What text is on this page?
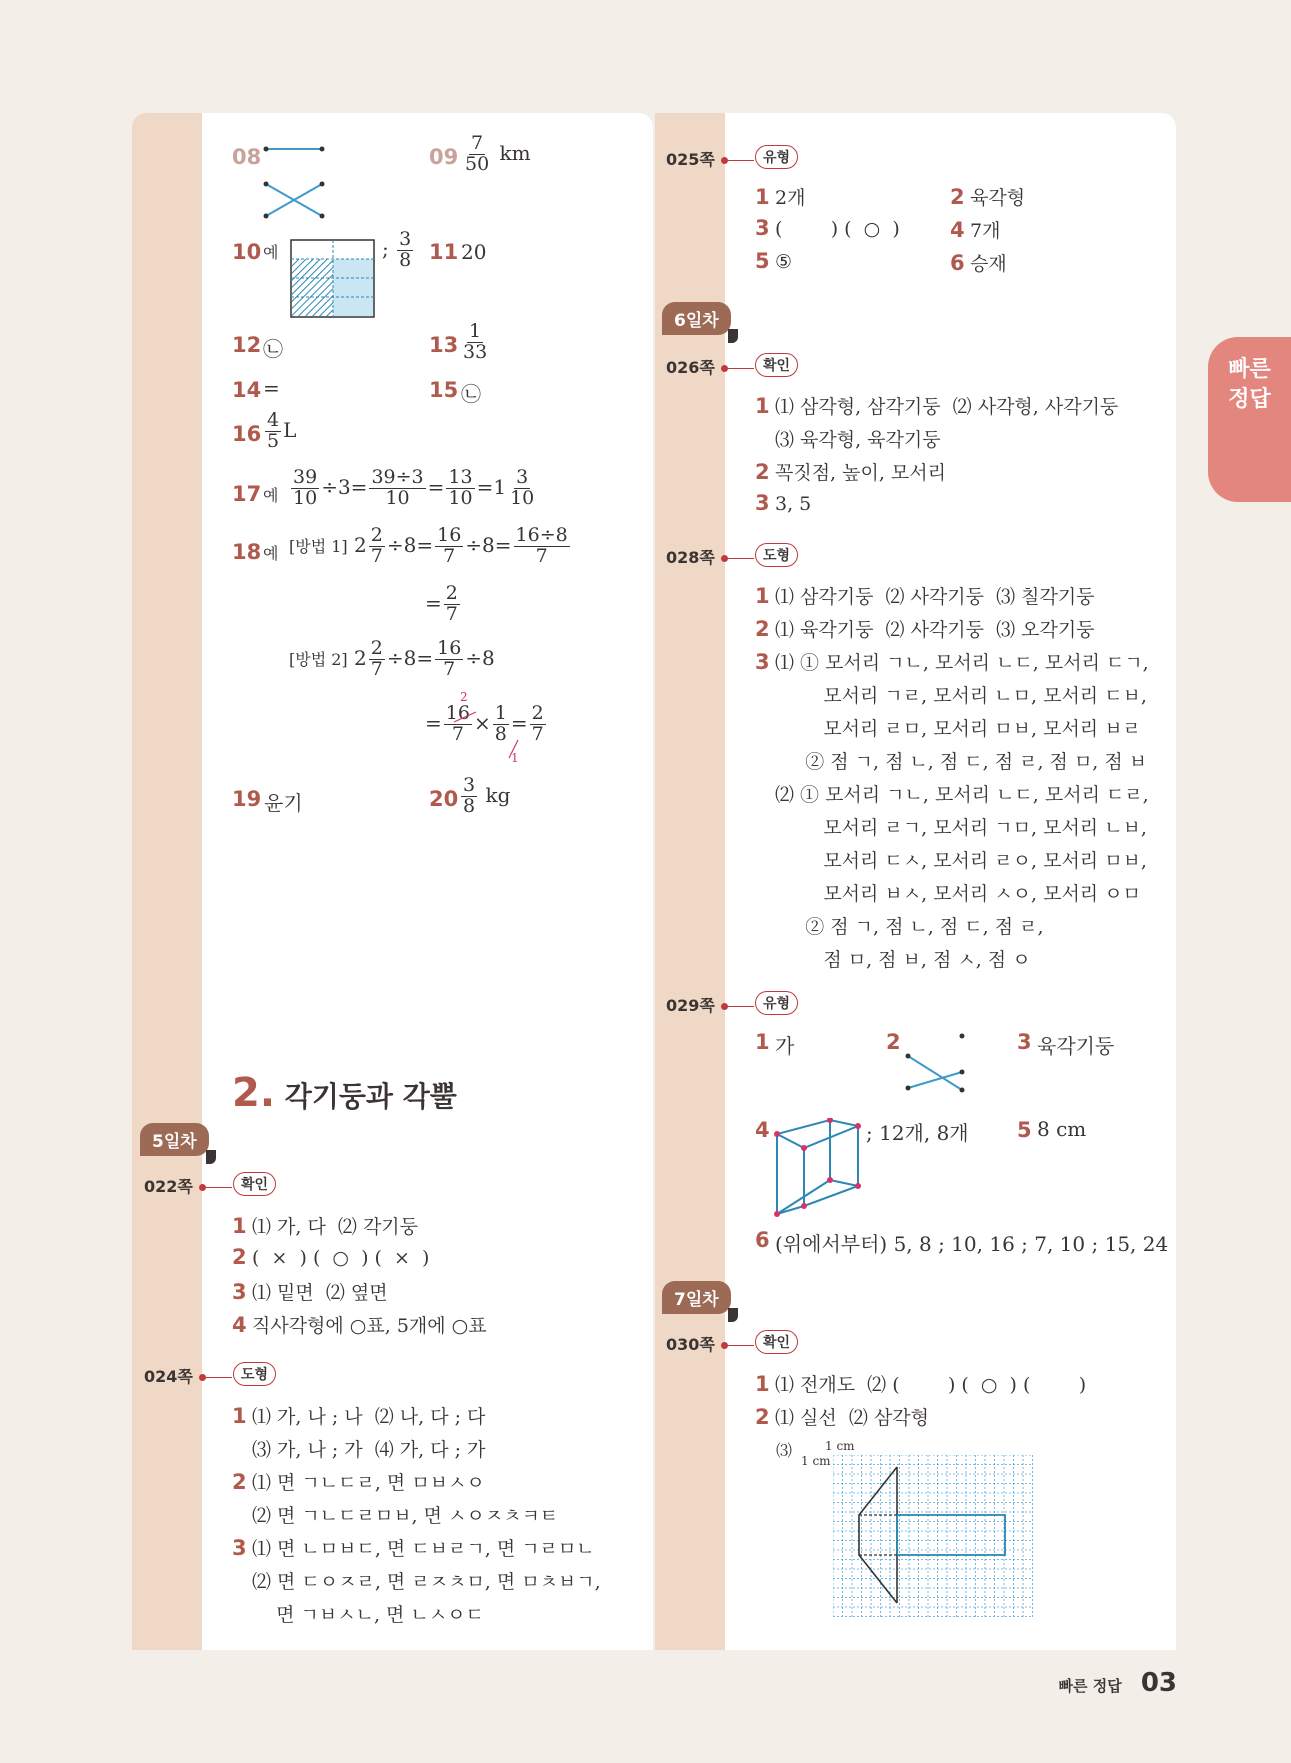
08	$09 \frac{7}{50}$ km
10 예	; $\frac{3}{8} 11$ 20
12 ㉡	$13 \frac{1}{33}$
14 =	15 ㉡
$16 \frac{4}{5}$ L
17 예 $\frac{39}{10} \div 3= \frac{39\div 3}{10} = \frac{13}{10} =1 \frac{3}{10}$
18 예 [방법 1] $2 \frac{2}{7} \div 8= \frac{16}{7} \div 8= \frac{16\div 8}{7}$
= $\frac{2}{7}$
[방법 2] $2 \frac{2}{7} \div 8= \frac{16}{7} \div 8$
2
1
= $\frac{16}{7} \times \frac{1}{8} = \frac{2}{7}$
19 윤기	$20 \frac{3}{8}$ kg
2. 각기둥과 각뿔
5일차
022쪽	확인
1 ⑴ 가, 다  ⑵ 각기둥
2 (  ×  ) (  ○  ) (  ×  )
3 ⑴ 밑면  ⑵ 옆면
4 직사각형에 ○표, 5개에 ○표
024쪽	도형
1 ⑴ 가, 나 ; 나  ⑵ 나, 다 ; 다
⑶ 가, 나 ; 가  ⑷ 가, 다 ; 가
2 ⑴ 면 ㄱㄴㄷㄹ, 면 ㅁㅂㅅㅇ
⑵ 면 ㄱㄴㄷㄹㅁㅂ, 면 ㅅㅇㅈㅊㅋㅌ
3 ⑴ 면 ㄴㅁㅂㄷ, 면 ㄷㅂㄹㄱ, 면 ㄱㄹㅁㄴ
⑵ 면 ㄷㅇㅈㄹ, 면 ㄹㅈㅊㅁ, 면 ㅁㅊㅂㄱ,
면 ㄱㅂㅅㄴ, 면 ㄴㅅㅇㄷ
025쪽	유형
1 2개	2 육각형
3 (        ) (  ○  ) 4 7개
5 ⑤	6 승재
6일차
026쪽	확인
1 ⑴ 삼각형, 삼각기둥  ⑵ 사각형, 사각기둥
⑶ 육각형, 육각기둥
2 꼭짓점, 높이, 모서리
3 3, 5
028쪽	도형
1 ⑴ 삼각기둥  ⑵ 사각기둥  ⑶ 칠각기둥
2 ⑴ 육각기둥  ⑵ 사각기둥  ⑶ 오각기둥
3 ⑴ ① 모서리 ㄱㄴ, 모서리 ㄴㄷ, 모서리 ㄷㄱ,
모서리 ㄱㄹ, 모서리 ㄴㅁ, 모서리 ㄷㅂ,
모서리 ㄹㅁ, 모서리 ㅁㅂ, 모서리 ㅂㄹ
② 점 ㄱ, 점 ㄴ, 점 ㄷ, 점 ㄹ, 점 ㅁ, 점 ㅂ
⑵ ① 모서리 ㄱㄴ, 모서리 ㄴㄷ, 모서리 ㄷㄹ,
모서리 ㄹㄱ, 모서리 ㄱㅁ, 모서리 ㄴㅂ,
모서리 ㄷㅅ, 모서리 ㄹㅇ, 모서리 ㅁㅂ,
모서리 ㅂㅅ, 모서리 ㅅㅇ, 모서리 ㅇㅁ
② 점 ㄱ, 점 ㄴ, 점 ㄷ, 점 ㄹ,
점 ㅁ, 점 ㅂ, 점 ㅅ, 점 ㅇ
029쪽	유형
1 가	2	3 육각기둥
4	; 12개, 8개 5 8 cm
6 (위에서부터) 5, 8 ; 10, 16 ; 7, 10 ; 15, 24
7일차
030쪽	확인
1 ⑴ 전개도  ⑵ (        ) (  ○  ) (        )
2 ⑴ 실선  ⑵ 삼각형
⑶	1 cm
1 cm
빠른
정답
빠른 정답 03
